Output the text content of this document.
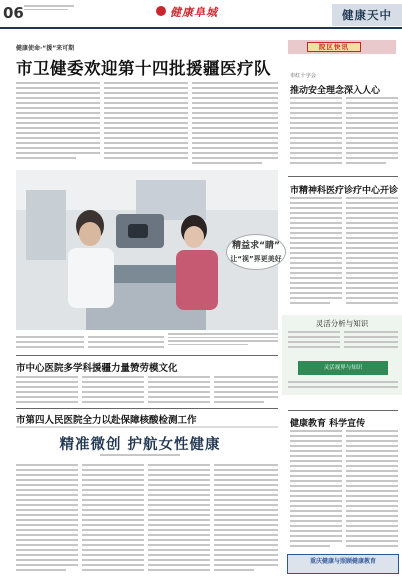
06	健康阜城	健康天中
健康使命·“援”来可期
市卫健委欢迎第十四批援疆医疗队
精益求“睛”
让“视”界更美好
市中心医院多学科援疆力量赞劳模文化
市第四人民医院全力以赴保障核酸检测工作
精准微创 护航女性健康
院区快讯
市红十字会
推动安全理念深入人心
市精神科医疗诊疗中心开诊
灵活分析与知识
灵活视界与知识
健康教育 科学宣传
重庆健康与照顾健康教育
